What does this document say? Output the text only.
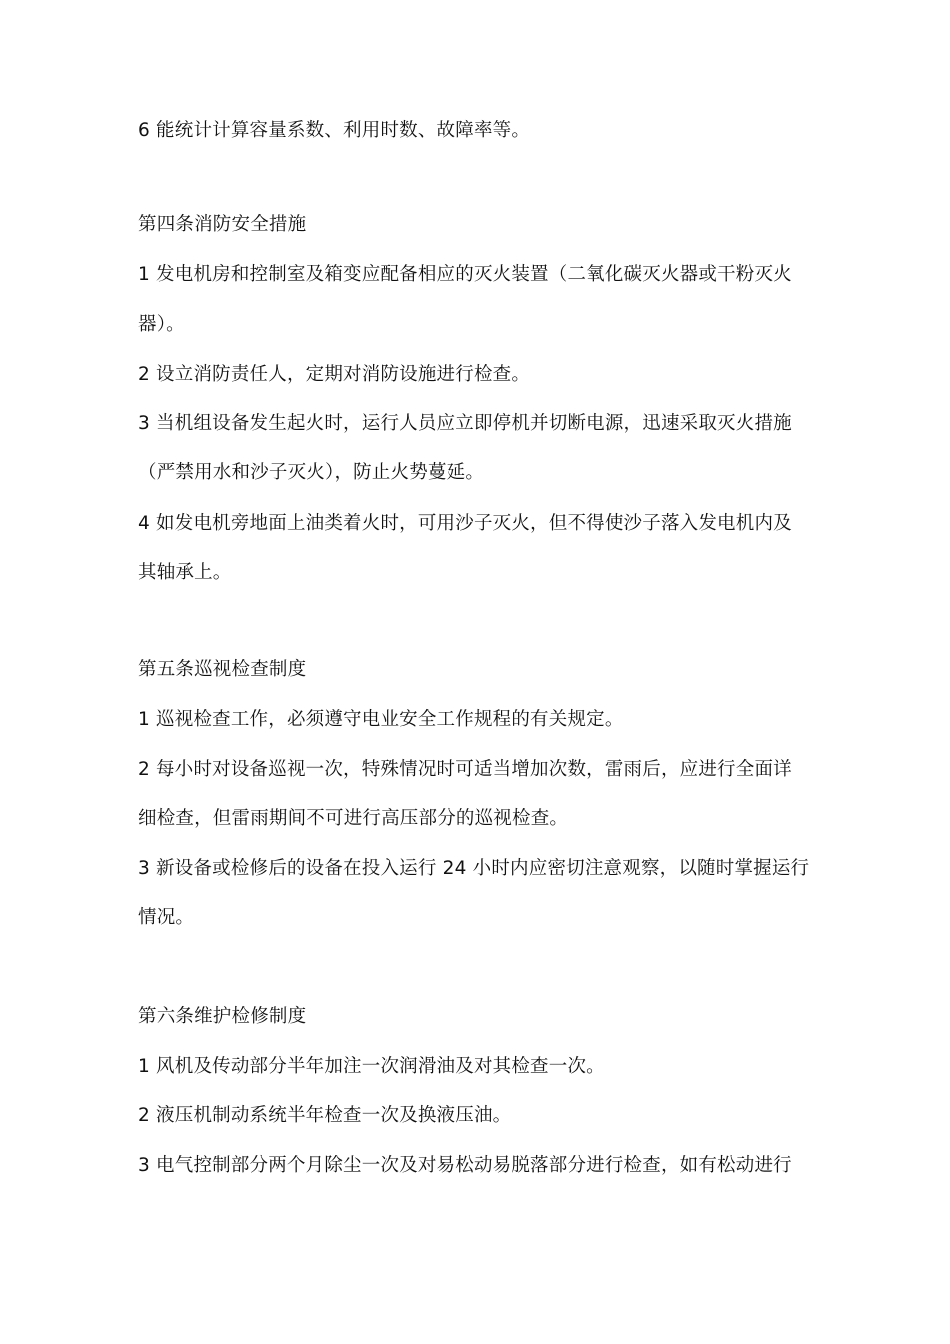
6 能统计计算容量系数、利用时数、故障率等。
第四条消防安全措施
1 发电机房和控制室及箱变应配备相应的灭火装置（二氧化碳灭火器或干粉灭火
器）。
2 设立消防责任人，定期对消防设施进行检查。
3 当机组设备发生起火时，运行人员应立即停机并切断电源，迅速采取灭火措施
（严禁用水和沙子灭火），防止火势蔓延。
4 如发电机旁地面上油类着火时，可用沙子灭火，但不得使沙子落入发电机内及
其轴承上。
第五条巡视检查制度
1 巡视检查工作，必须遵守电业安全工作规程的有关规定。
2 每小时对设备巡视一次，特殊情况时可适当增加次数，雷雨后，应进行全面详
细检查，但雷雨期间不可进行高压部分的巡视检查。
3 新设备或检修后的设备在投入运行 24 小时内应密切注意观察，以随时掌握运行
情况。
第六条维护检修制度
1 风机及传动部分半年加注一次润滑油及对其检查一次。
2 液压机制动系统半年检查一次及换液压油。
3 电气控制部分两个月除尘一次及对易松动易脱落部分进行检查，如有松动进行
